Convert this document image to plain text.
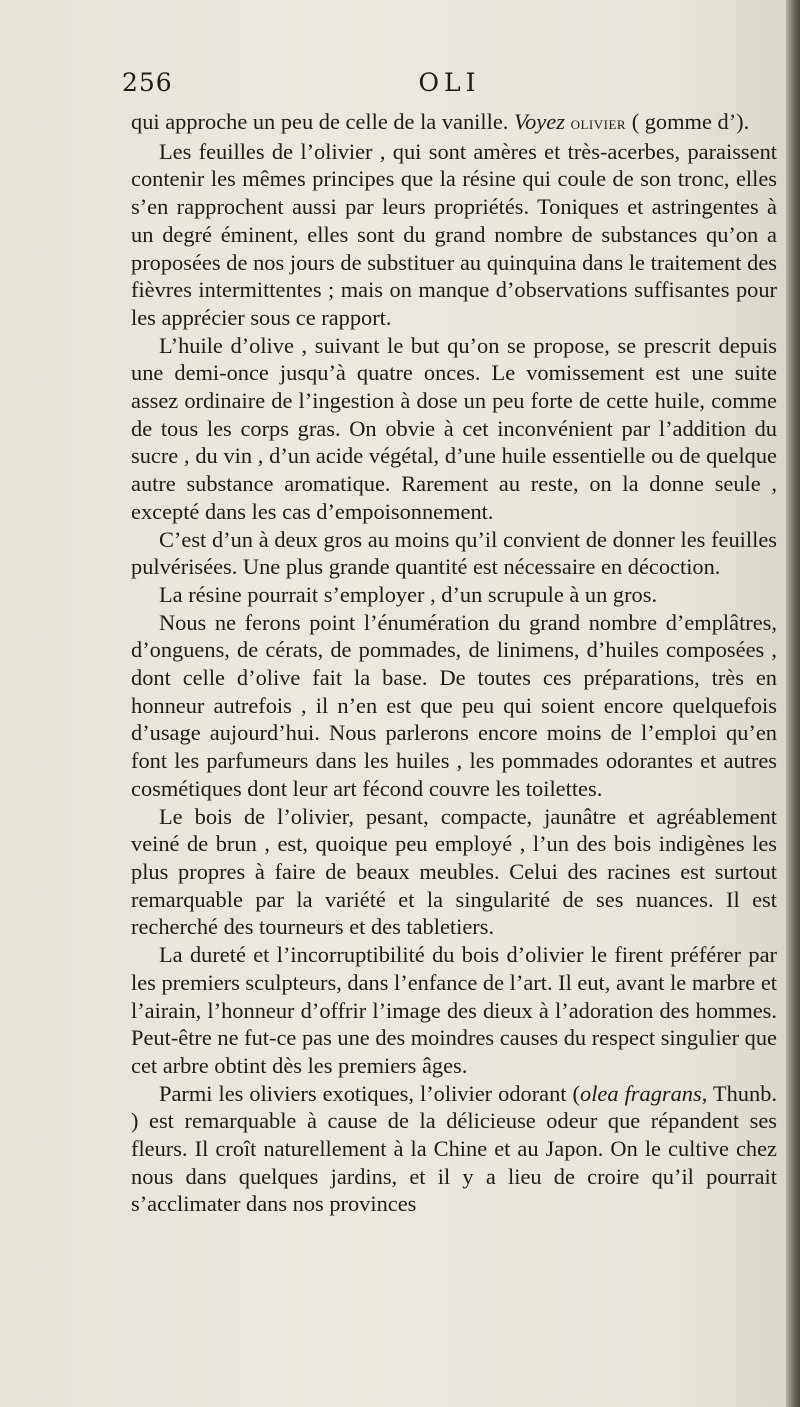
256	OLI

qui approche un peu de celle de la vanille. Voyez olivier ( gomme d’).

Les feuilles de l’olivier , qui sont amères et très-acerbes, paraissent contenir les mêmes principes que la résine qui coule de son tronc, elles s’en rapprochent aussi par leurs propriétés. Toniques et astringentes à un degré éminent, elles sont du grand nombre de substances qu’on a proposées de nos jours de substituer au quinquina dans le traitement des fièvres intermittentes ; mais on manque d’observations suffisantes pour les apprécier sous ce rapport.

L’huile d’olive , suivant le but qu’on se propose, se prescrit depuis une demi-once jusqu’à quatre onces. Le vomissement est une suite assez ordinaire de l’ingestion à dose un peu forte de cette huile, comme de tous les corps gras. On obvie à cet inconvénient par l’addition du sucre , du vin , d’un acide végétal, d’une huile essentielle ou de quelque autre substance aromatique. Rarement au reste, on la donne seule , excepté dans les cas d’empoisonnement.

C’est d’un à deux gros au moins qu’il convient de donner les feuilles pulvérisées. Une plus grande quantité est nécessaire en décoction.

La résine pourrait s’employer , d’un scrupule à un gros.

Nous ne ferons point l’énumération du grand nombre d’emplâtres, d’onguens, de cérats, de pommades, de linimens, d’huiles composées , dont celle d’olive fait la base. De toutes ces préparations, très en honneur autrefois , il n’en est que peu qui soient encore quelquefois d’usage aujourd’hui. Nous parlerons encore moins de l’emploi qu’en font les parfumeurs dans les huiles , les pommades odorantes et autres cosmétiques dont leur art fécond couvre les toilettes.

Le bois de l’olivier, pesant, compacte, jaunâtre et agréablement veiné de brun , est, quoique peu employé , l’un des bois indigènes les plus propres à faire de beaux meubles. Celui des racines est surtout remarquable par la variété et la singularité de ses nuances. Il est recherché des tourneurs et des tabletiers.

La dureté et l’incorruptibilité du bois d’olivier le firent préférer par les premiers sculpteurs, dans l’enfance de l’art. Il eut, avant le marbre et l’airain, l’honneur d’offrir l’image des dieux à l’adoration des hommes. Peut-être ne fut-ce pas une des moindres causes du respect singulier que cet arbre obtint dès les premiers âges.

Parmi les oliviers exotiques, l’olivier odorant (olea fragrans, Thunb. ) est remarquable à cause de la délicieuse odeur que répandent ses fleurs. Il croît naturellement à la Chine et au Japon. On le cultive chez nous dans quelques jardins, et il y a lieu de croire qu’il pourrait s’acclimater dans nos provinces
